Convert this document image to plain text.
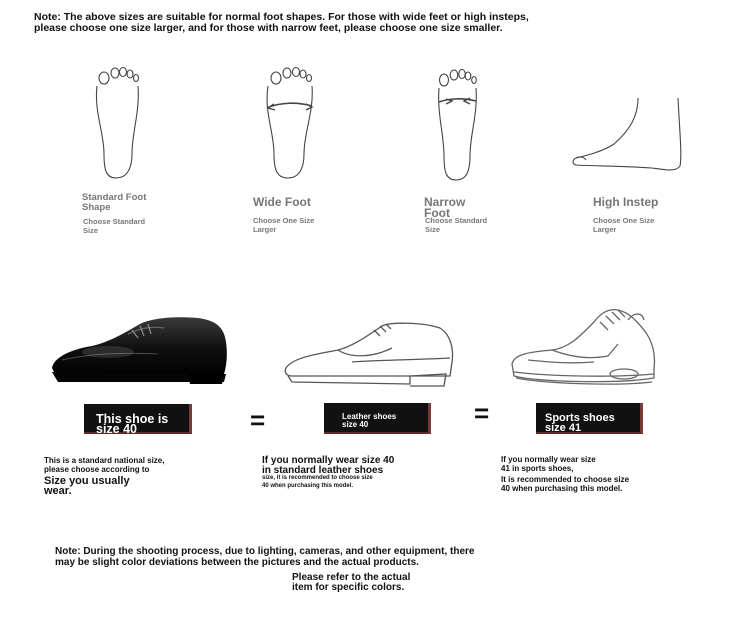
Note: The above sizes are suitable for normal foot shapes. For those with wide feet or high insteps,
please choose one size larger, and for those with narrow feet, please choose one size smaller.
Standard Foot
Shape
Choose Standard
Size
Wide Foot
Choose One Size
Larger
Narrow
Foot
Choose Standard
Size
High Instep
Choose One Size
Larger
This shoe is
size 40	=	Leather shoes
size 40	=	Sports shoes
size 41
This is a standard national size,
please choose according to
Size you usually
wear.
If you normally wear size 40
in standard leather shoes
size, it is recommended to choose size
40 when purchasing this model.
If you normally wear size
41 in sports shoes,
It is recommended to choose size
40 when purchasing this model.
Note: During the shooting process, due to lighting, cameras, and other equipment, there
may be slight color deviations between the pictures and the actual products.
Please refer to the actual
item for specific colors.
